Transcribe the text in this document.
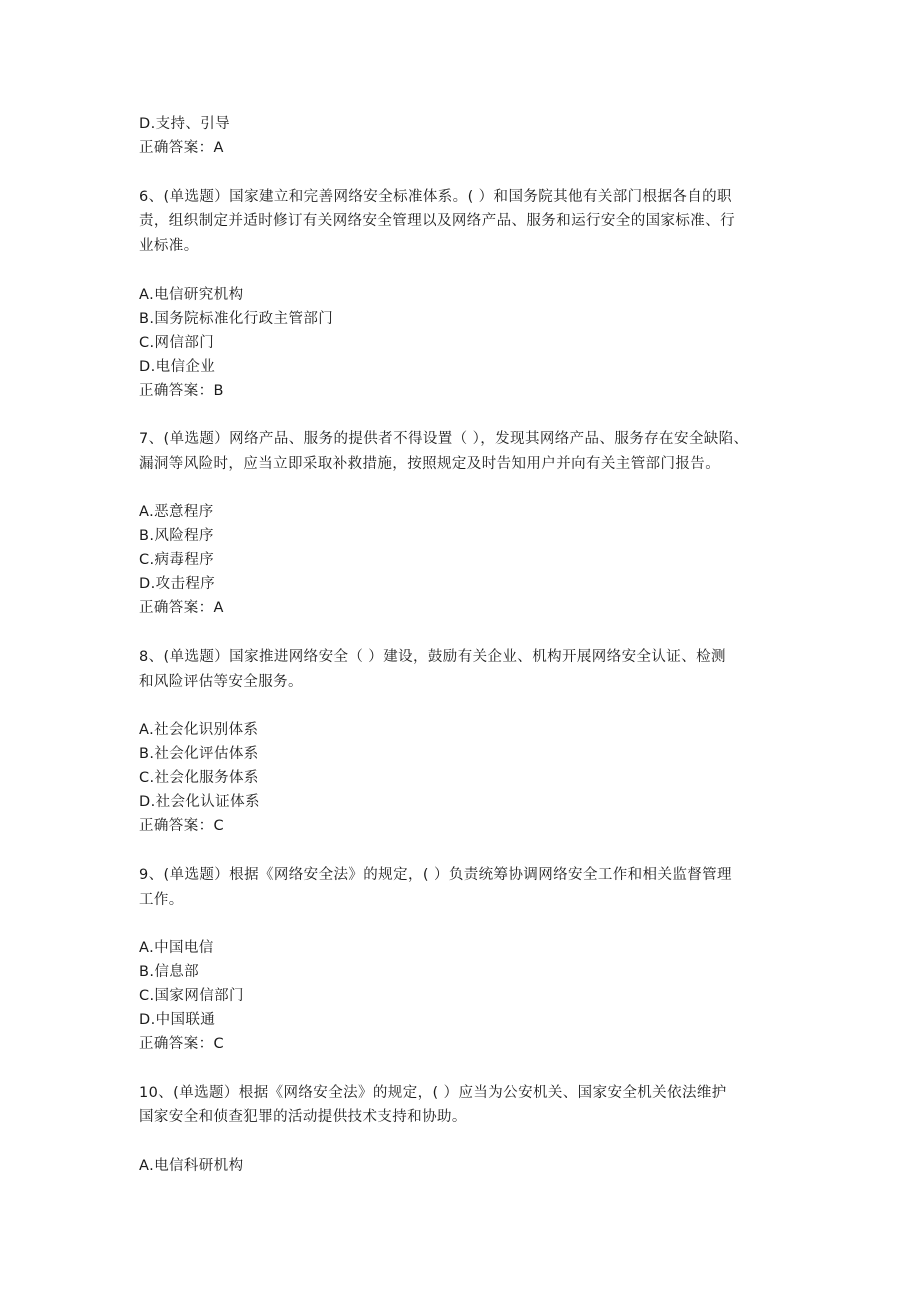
D.支持、引导
正确答案：A
6、(单选题）国家建立和完善网络安全标准体系。( ）和国务院其他有关部门根据各自的职
责，组织制定并适时修订有关网络安全管理以及网络产品、服务和运行安全的国家标准、行
业标准。
A.电信研究机构
B.国务院标准化行政主管部门
C.网信部门
D.电信企业
正确答案：B
7、(单选题）网络产品、服务的提供者不得设置（ ），发现其网络产品、服务存在安全缺陷、
漏洞等风险时，应当立即采取补救措施，按照规定及时告知用户并向有关主管部门报告。
A.恶意程序
B.风险程序
C.病毒程序
D.攻击程序
正确答案：A
8、(单选题）国家推进网络安全（ ）建设，鼓励有关企业、机构开展网络安全认证、检测
和风险评估等安全服务。
A.社会化识别体系
B.社会化评估体系
C.社会化服务体系
D.社会化认证体系
正确答案：C
9、(单选题）根据《网络安全法》的规定，( ）负责统筹协调网络安全工作和相关监督管理
工作。
A.中国电信
B.信息部
C.国家网信部门
D.中国联通
正确答案：C
10、(单选题）根据《网络安全法》的规定，( ）应当为公安机关、国家安全机关依法维护
国家安全和侦查犯罪的活动提供技术支持和协助。
A.电信科研机构
